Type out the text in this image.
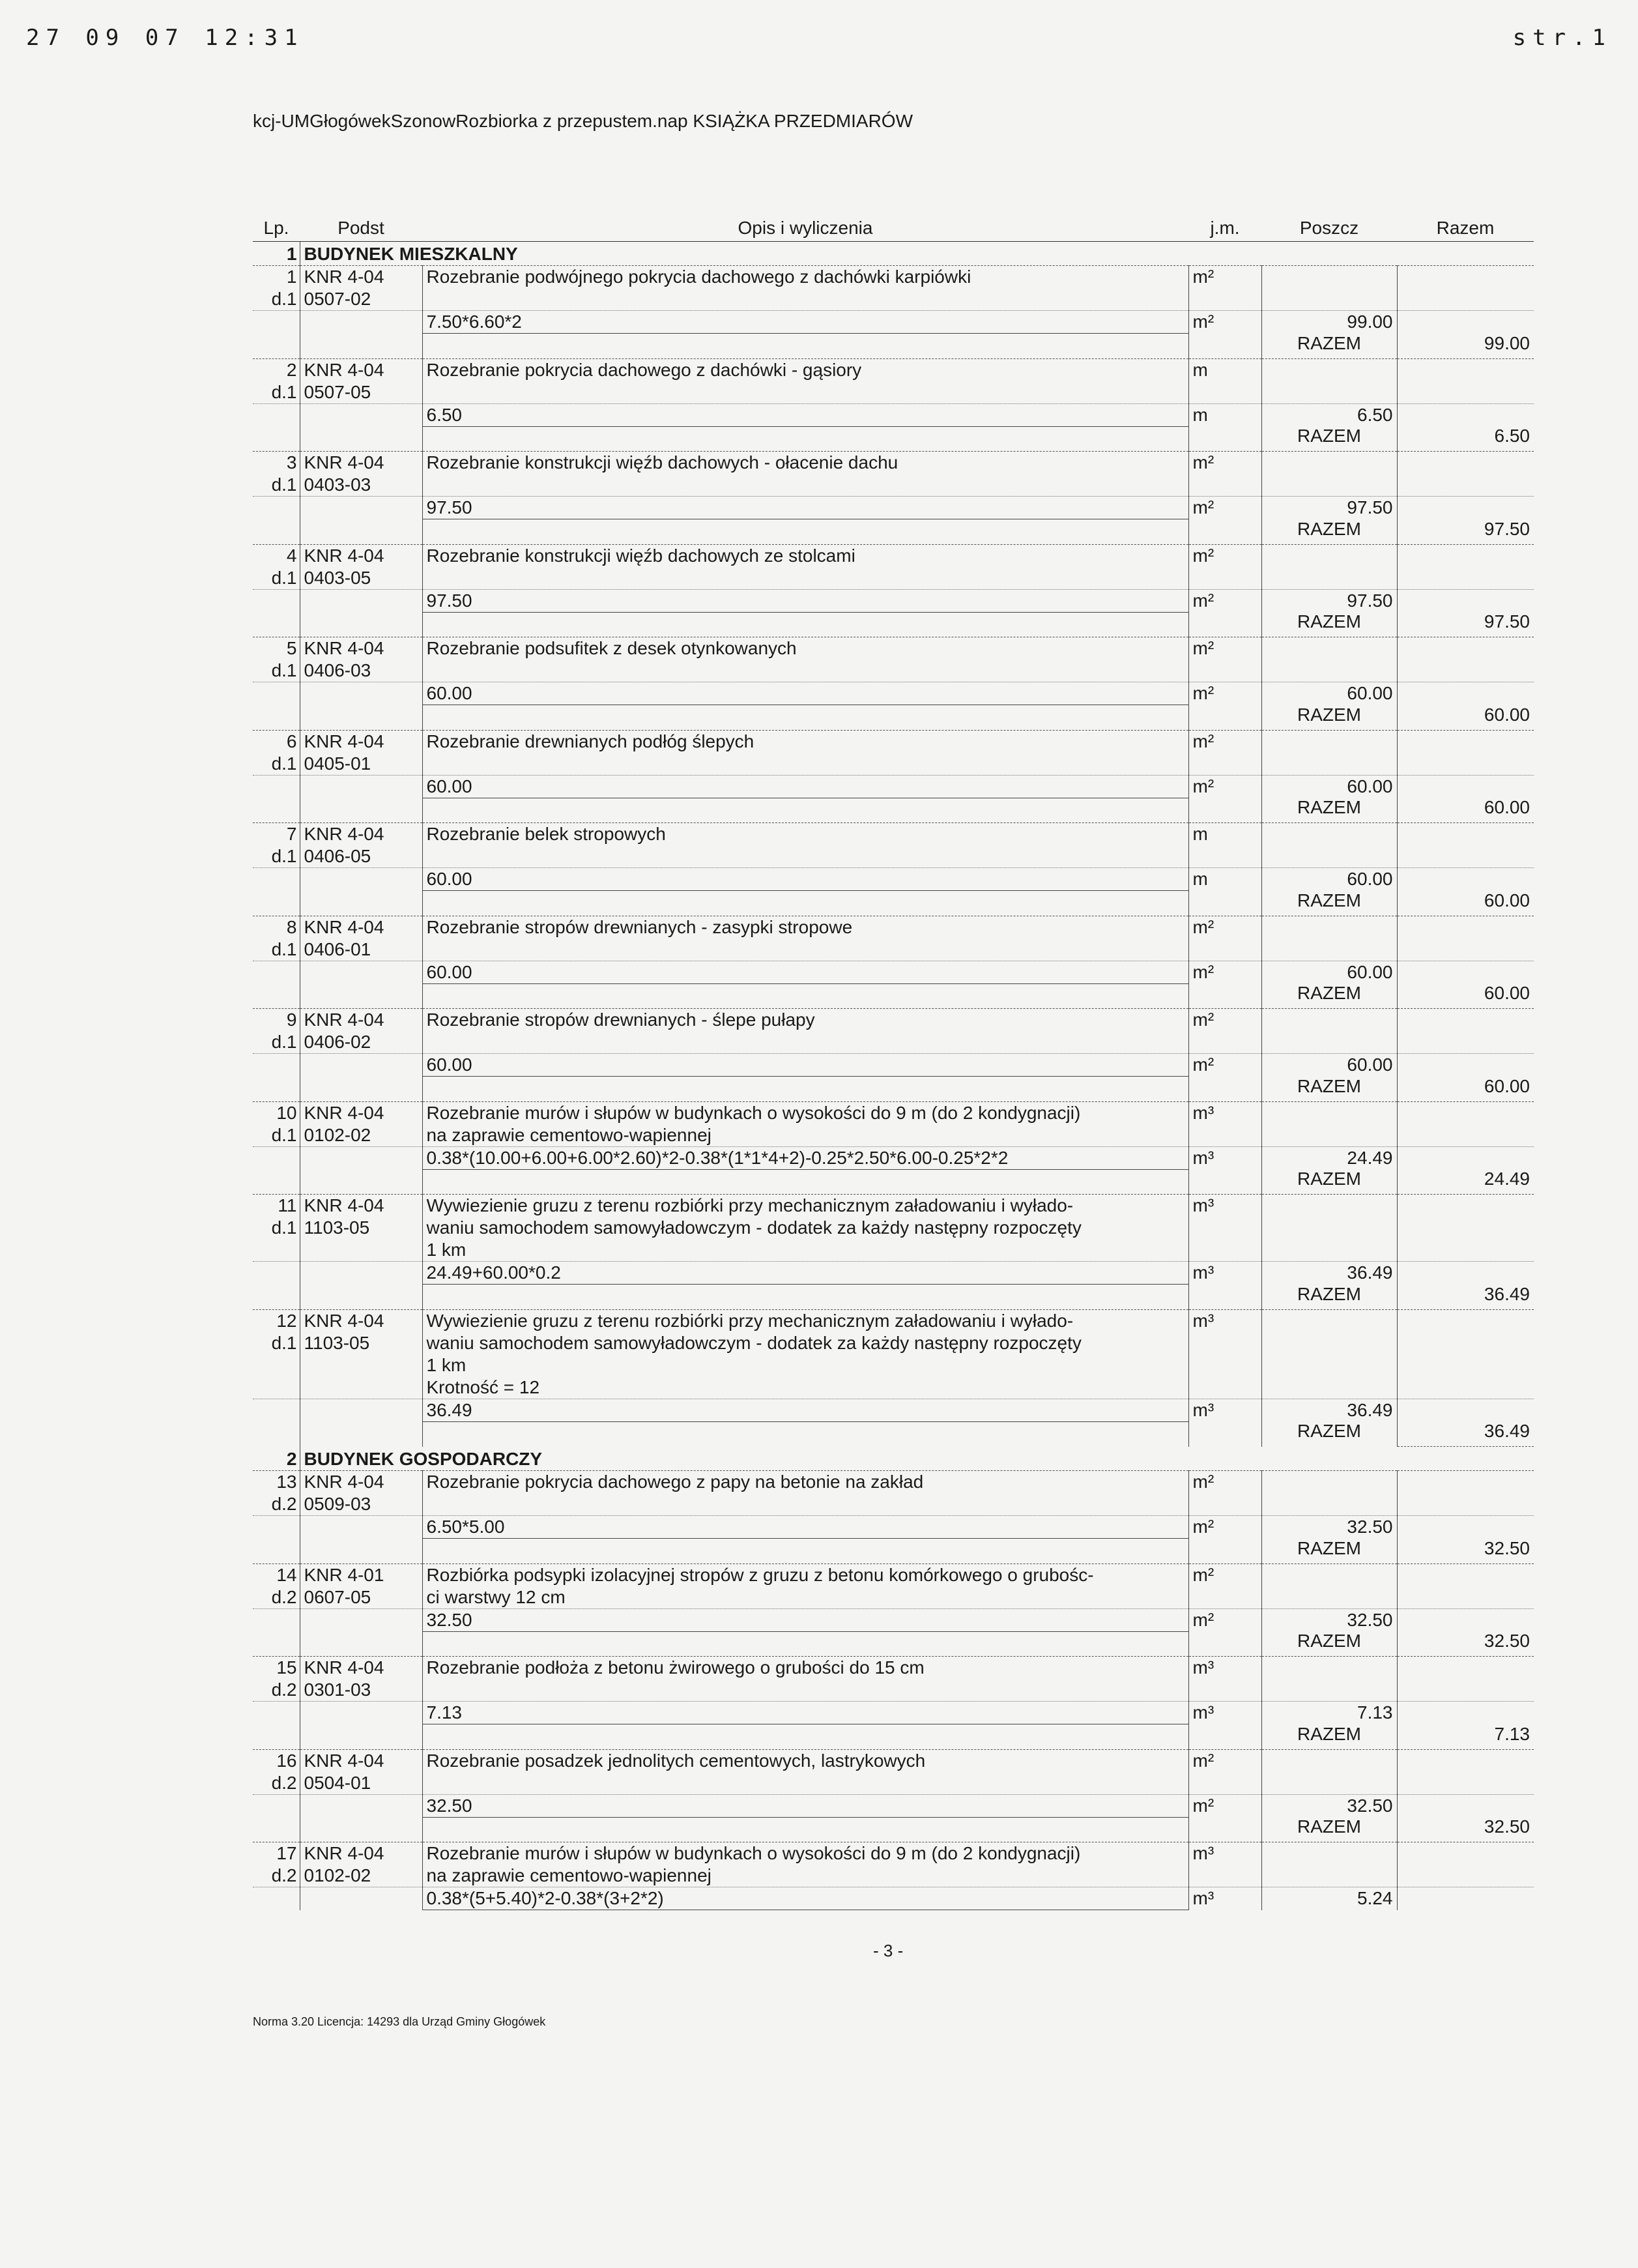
27 09 07 12:31	str.1
kcj-UMGłogówekSzonowRozbiorka z przepustem.nap KSIĄŻKA PRZEDMIARÓW
Lp.	Podst	Opis i wyliczenia	j.m.	Poszcz	Razem
1	BUDYNEK MIESZKALNY				
1	KNR 4-04	Rozebranie podwójnego pokrycia dachowego z dachówki karpiówki	m²		
d.1	0507-02				
		7.50*6.60*2	m²	99.00	
				RAZEM	99.00
2	KNR 4-04	Rozebranie pokrycia dachowego z dachówki - gąsiory	m		
d.1	0507-05				
		6.50	m	6.50	
				RAZEM	6.50
3	KNR 4-04	Rozebranie konstrukcji więźb dachowych - ołacenie dachu	m²		
d.1	0403-03				
		97.50	m²	97.50	
				RAZEM	97.50
4	KNR 4-04	Rozebranie konstrukcji więźb dachowych ze stolcami	m²		
d.1	0403-05				
		97.50	m²	97.50	
				RAZEM	97.50
5	KNR 4-04	Rozebranie podsufitek z desek otynkowanych	m²		
d.1	0406-03				
		60.00	m²	60.00	
				RAZEM	60.00
6	KNR 4-04	Rozebranie drewnianych podłóg ślepych	m²		
d.1	0405-01				
		60.00	m²	60.00	
				RAZEM	60.00
7	KNR 4-04	Rozebranie belek stropowych	m		
d.1	0406-05				
		60.00	m	60.00	
				RAZEM	60.00
8	KNR 4-04	Rozebranie stropów drewnianych - zasypki stropowe	m²		
d.1	0406-01				
		60.00	m²	60.00	
				RAZEM	60.00
9	KNR 4-04	Rozebranie stropów drewnianych - ślepe pułapy	m²		
d.1	0406-02				
		60.00	m²	60.00	
				RAZEM	60.00
10	KNR 4-04	Rozebranie murów i słupów w budynkach o wysokości do 9 m (do 2 kondygnacji)	m³		
d.1	0102-02	na zaprawie cementowo-wapiennej			
		0.38*(10.00+6.00+6.00*2.60)*2-0.38*(1*1*4+2)-0.25*2.50*6.00-0.25*2*2	m³	24.49	
				RAZEM	24.49
11	KNR 4-04	Wywiezienie gruzu z terenu rozbiórki przy mechanicznym załadowaniu i wyłado-	m³		
d.1	1103-05	waniu samochodem samowyładowczym - dodatek za każdy następny rozpoczęty			
		1 km			
		24.49+60.00*0.2	m³	36.49	
				RAZEM	36.49
12	KNR 4-04	Wywiezienie gruzu z terenu rozbiórki przy mechanicznym załadowaniu i wyłado-	m³		
d.1	1103-05	waniu samochodem samowyładowczym - dodatek za każdy następny rozpoczęty			
		1 km			
		Krotność = 12			
		36.49	m³	36.49	
				RAZEM	36.49
2	BUDYNEK GOSPODARCZY				
13	KNR 4-04	Rozebranie pokrycia dachowego z papy na betonie na zakład	m²		
d.2	0509-03				
		6.50*5.00	m²	32.50	
				RAZEM	32.50
14	KNR 4-01	Rozbiórka podsypki izolacyjnej stropów z gruzu z betonu komórkowego o grubośc-	m²		
d.2	0607-05	ci warstwy 12 cm			
		32.50	m²	32.50	
				RAZEM	32.50
15	KNR 4-04	Rozebranie podłoża z betonu żwirowego o grubości do 15 cm	m³		
d.2	0301-03				
		7.13	m³	7.13	
				RAZEM	7.13
16	KNR 4-04	Rozebranie posadzek jednolitych cementowych, lastrykowych	m²		
d.2	0504-01				
		32.50	m²	32.50	
				RAZEM	32.50
17	KNR 4-04	Rozebranie murów i słupów w budynkach o wysokości do 9 m (do 2 kondygnacji)	m³		
d.2	0102-02	na zaprawie cementowo-wapiennej			
		0.38*(5+5.40)*2-0.38*(3+2*2)	m³	5.24	
- 3 -
Norma 3.20 Licencja: 14293 dla Urząd Gminy Głogówek
